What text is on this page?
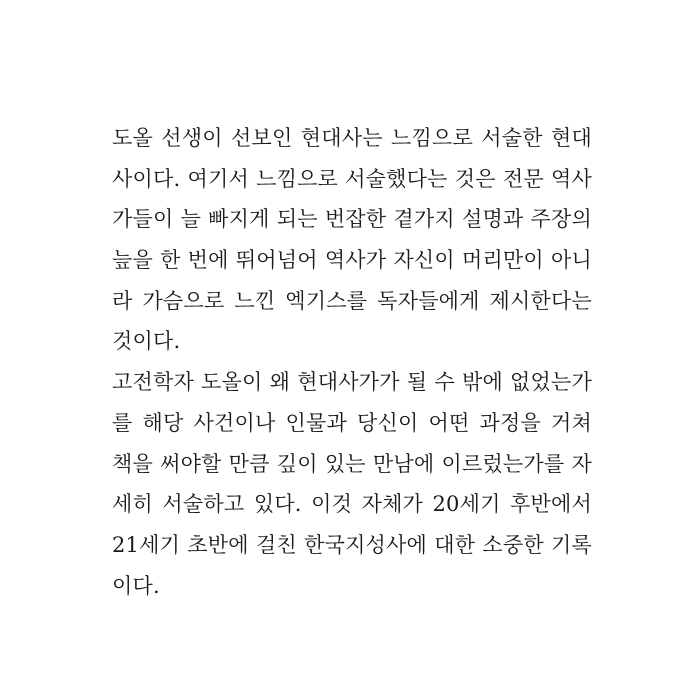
도올 선생이 선보인 현대사는 느낌으로 서술한 현대
사이다. 여기서 느낌으로 서술했다는 것은 전문 역사
가들이 늘 빠지게 되는 번잡한 곁가지 설명과 주장의
늪을 한 번에 뛰어넘어 역사가 자신이 머리만이 아니
라 가슴으로 느낀 엑기스를 독자들에게 제시한다는
것이다.
고전학자 도올이 왜 현대사가가 될 수 밖에 없었는가
를 해당 사건이나 인물과 당신이 어떤 과정을 거쳐
책을 써야할 만큼 깊이 있는 만남에 이르렀는가를 자
세히 서술하고 있다. 이것 자체가 20세기 후반에서
21세기 초반에 걸친 한국지성사에 대한 소중한 기록
이다.
